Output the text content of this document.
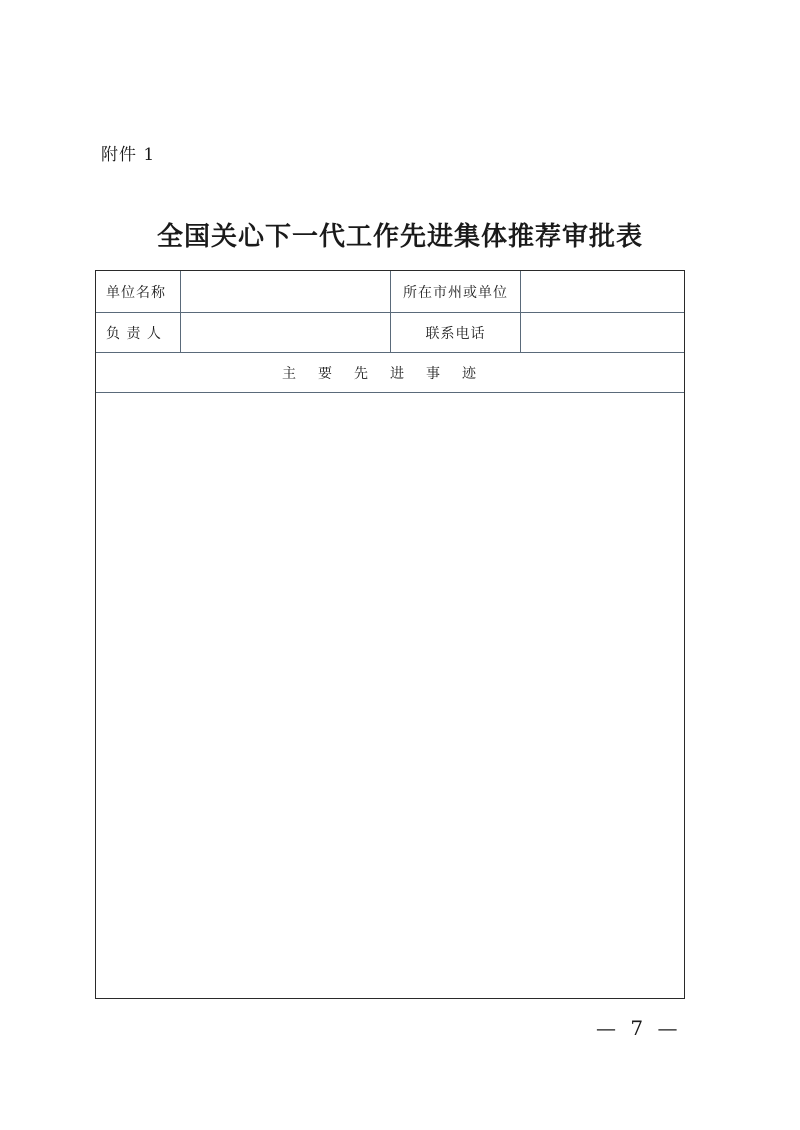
附件 1
全国关心下一代工作先进集体推荐审批表
单位名称	所在市州或单位
负 责 人	联系电话
主要先进事迹
— 7 —
